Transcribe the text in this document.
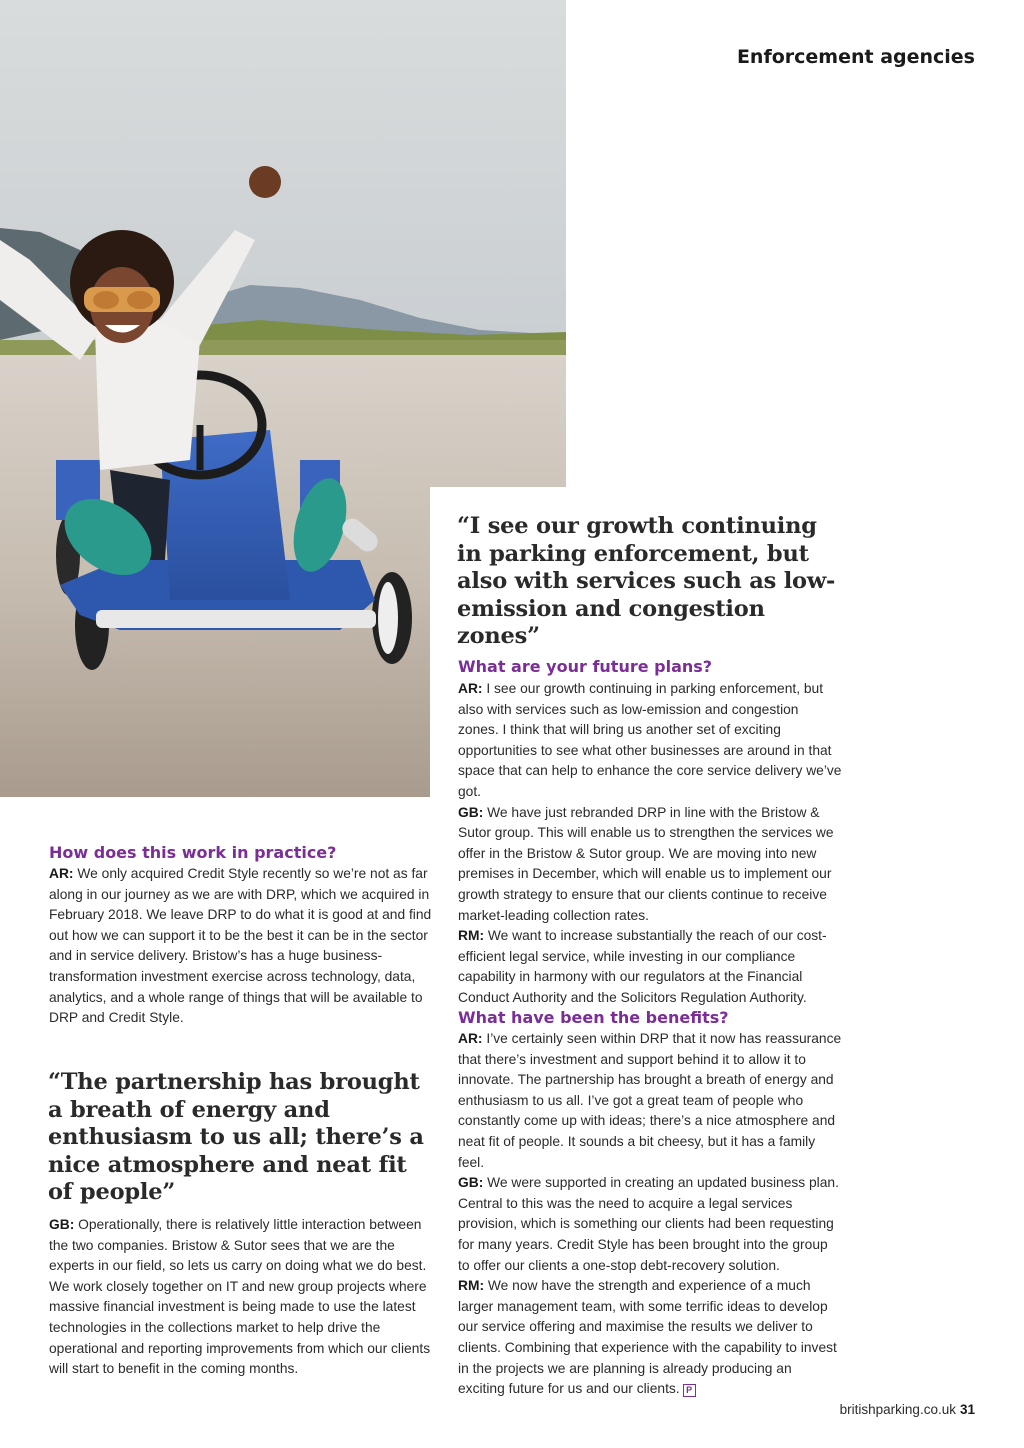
Enforcement agencies

“I see our growth continuing in parking enforcement, but also with services such as low-emission and congestion zones”

What are your future plans?

AR: I see our growth continuing in parking enforcement, but also with services such as low-emission and congestion zones. I think that will bring us another set of exciting opportunities to see what other businesses are around in that space that can help to enhance the core service delivery we’ve got.
GB: We have just rebranded DRP in line with the Bristow & Sutor group. This will enable us to strengthen the services we offer in the Bristow & Sutor group. We are moving into new premises in December, which will enable us to implement our growth strategy to ensure that our clients continue to receive market-leading collection rates.
RM: We want to increase substantially the reach of our cost-efficient legal service, while investing in our compliance capability in harmony with our regulators at the Financial Conduct Authority and the Solicitors Regulation Authority.

What have been the benefits?

AR: I’ve certainly seen within DRP that it now has reassurance that there’s investment and support behind it to allow it to innovate. The partnership has brought a breath of energy and enthusiasm to us all. I’ve got a great team of people who constantly come up with ideas; there’s a nice atmosphere and neat fit of people. It sounds a bit cheesy, but it has a family feel.
GB: We were supported in creating an updated business plan. Central to this was the need to acquire a legal services provision, which is something our clients had been requesting for many years. Credit Style has been brought into the group to offer our clients a one-stop debt-recovery solution.
RM: We now have the strength and experience of a much larger management team, with some terrific ideas to develop our service offering and maximise the results we deliver to clients. Combining that experience with the capability to invest in the projects we are planning is already producing an exciting future for us and our clients. P

How does this work in practice?

AR: We only acquired Credit Style recently so we’re not as far along in our journey as we are with DRP, which we acquired in February 2018. We leave DRP to do what it is good at and find out how we can support it to be the best it can be in the sector and in service delivery. Bristow’s has a huge business-transformation investment exercise across technology, data, analytics, and a whole range of things that will be available to DRP and Credit Style.

“The partnership has brought a breath of energy and enthusiasm to us all; there’s a nice atmosphere and neat fit of people”

GB: Operationally, there is relatively little interaction between the two companies. Bristow & Sutor sees that we are the experts in our field, so lets us carry on doing what we do best. We work closely together on IT and new group projects where massive financial investment is being made to use the latest technologies in the collections market to help drive the operational and reporting improvements from which our clients will start to benefit in the coming months.

britishparking.co.uk 31
